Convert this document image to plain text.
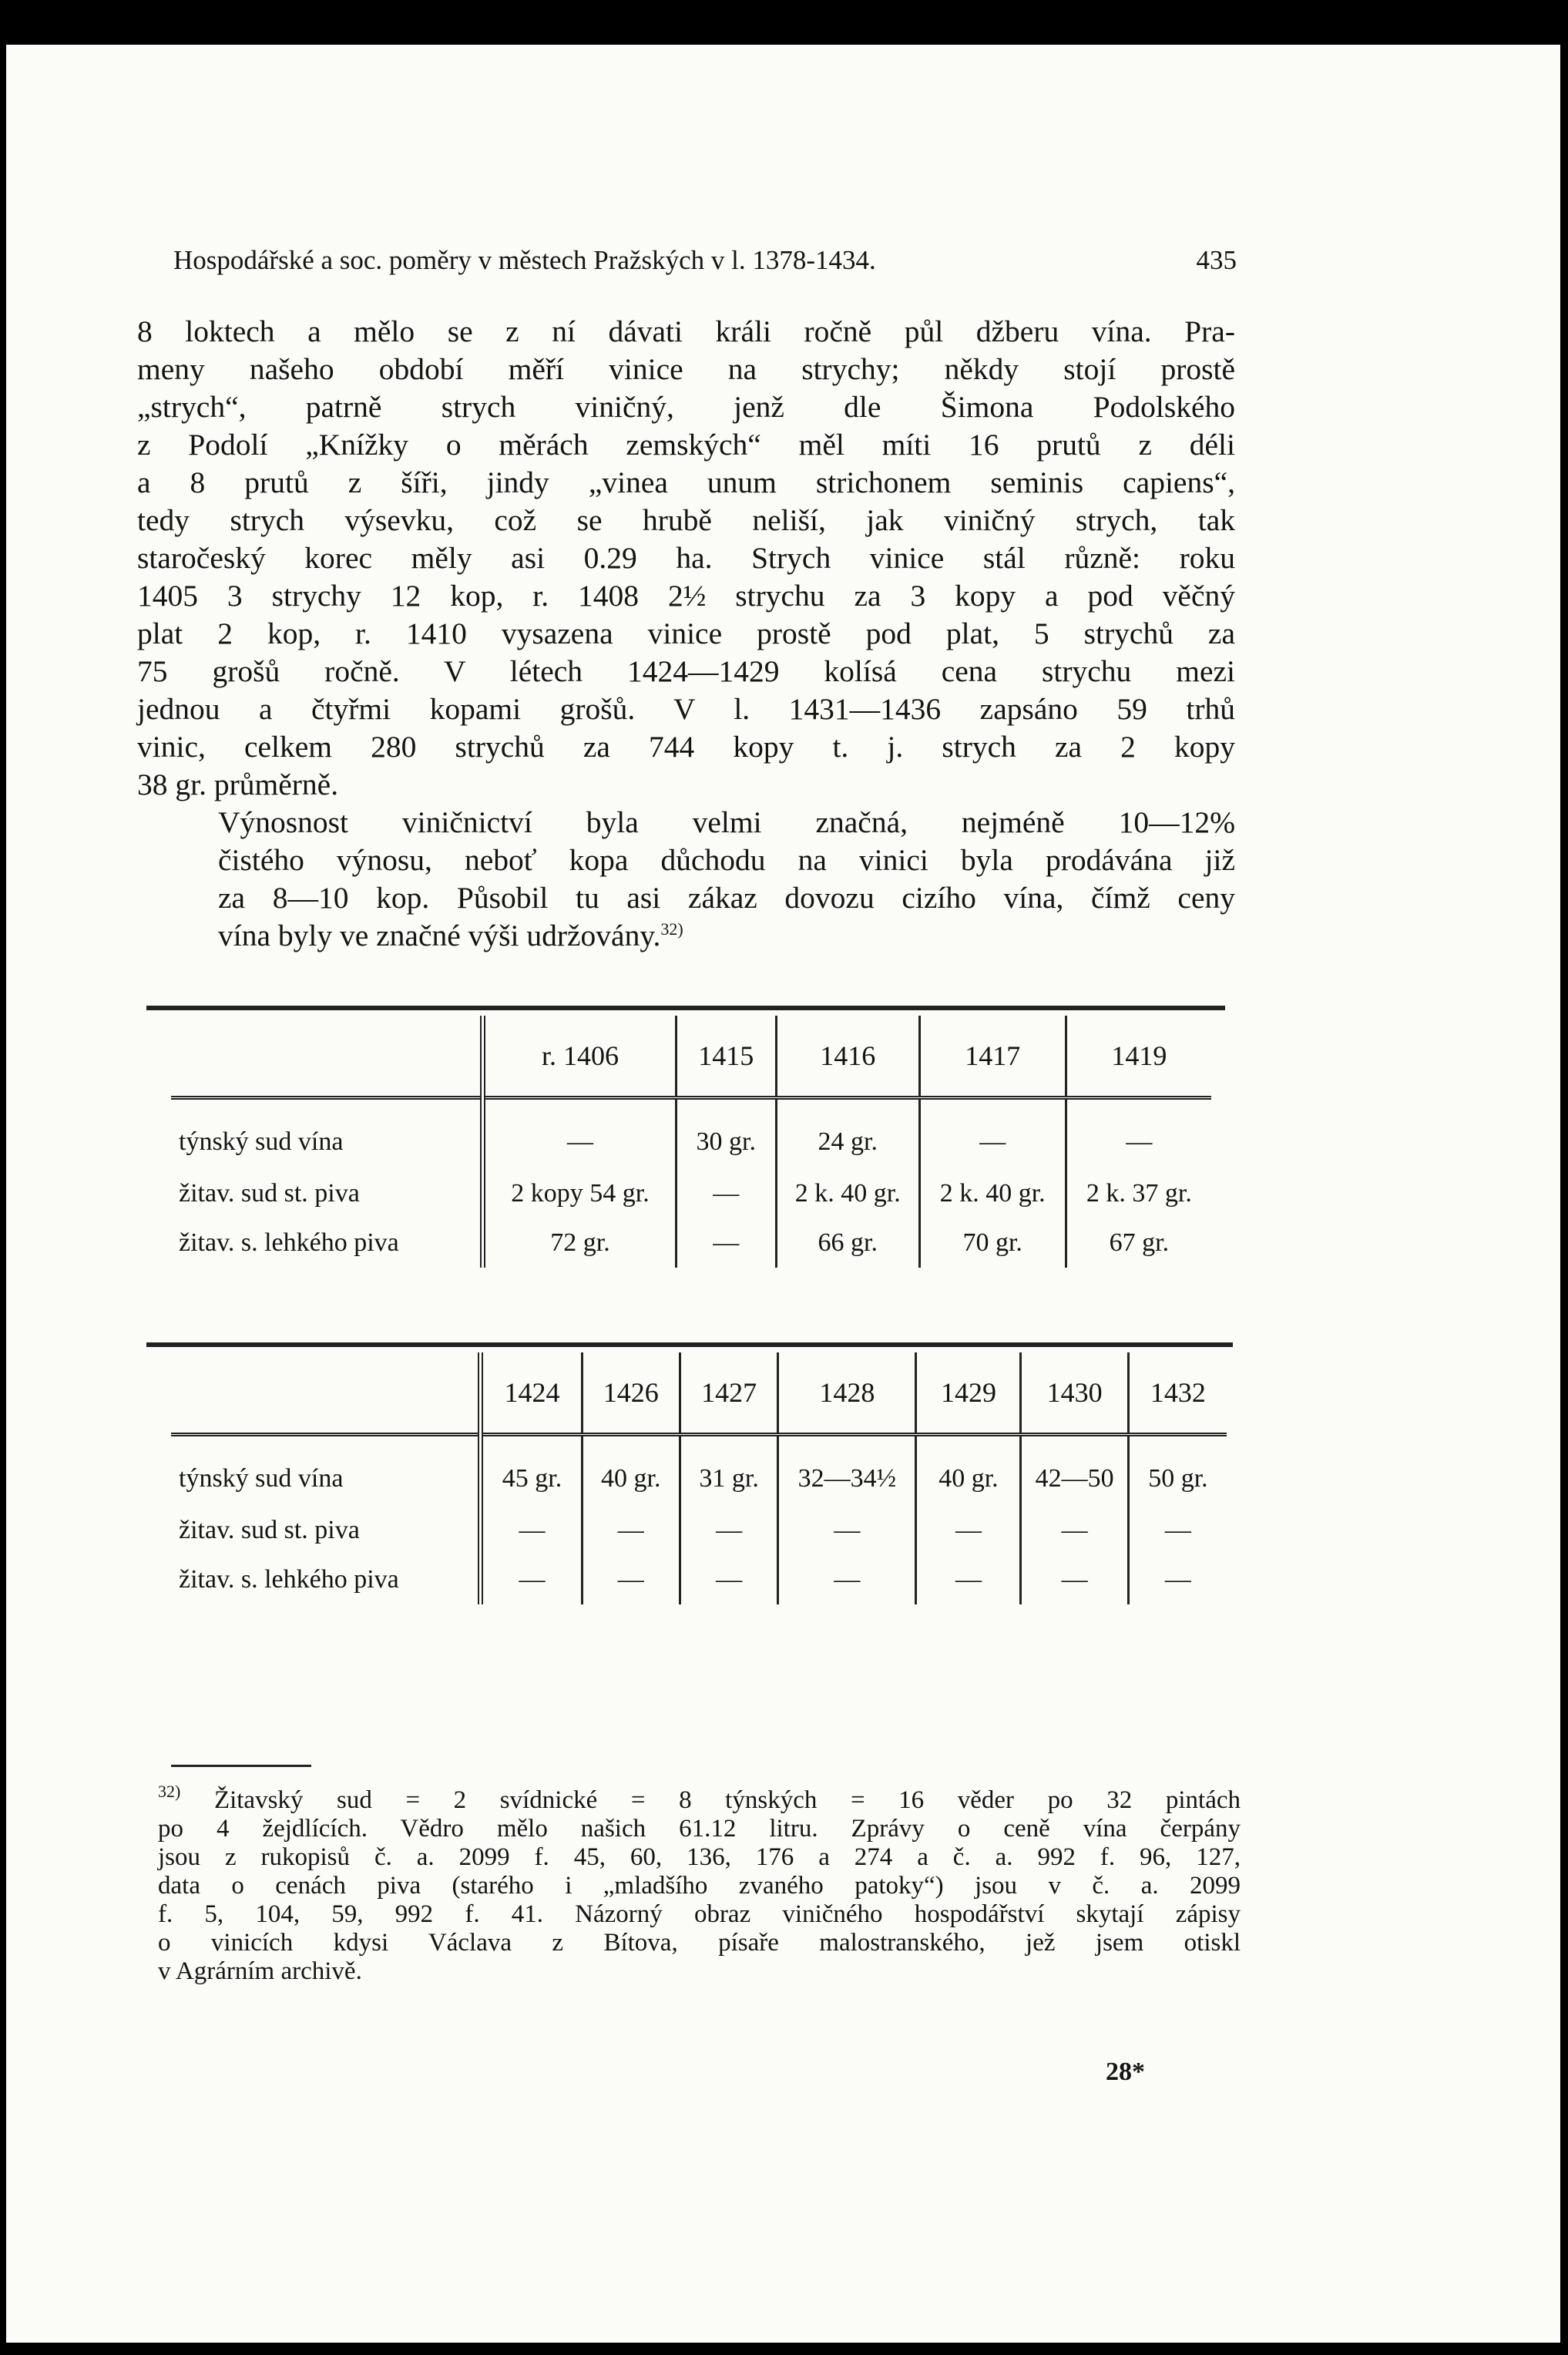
Hospodářské a soc. poměry v městech Pražských v l. 1378-1434.	435

8 loktech a mělo se z ní dávati králi ročně půl džberu vína. Pra-
meny našeho období měří vinice na strychy; někdy stojí prostě
„strych“, patrně strych viničný, jenž dle Šimona Podolského
z Podolí „Knížky o měrách zemských“ měl míti 16 prutů z déli
a 8 prutů z šíři, jindy „vinea unum strichonem seminis capiens“,
tedy strych výsevku, což se hrubě neliší, jak viničný strych, tak
staročeský korec měly asi 0.29 ha. Strych vinice stál různě: roku
1405 3 strychy 12 kop, r. 1408 2½ strychu za 3 kopy a pod věčný
plat 2 kop, r. 1410 vysazena vinice prostě pod plat, 5 strychů za
75 grošů ročně. V létech 1424—1429 kolísá cena strychu mezi
jednou a čtyřmi kopami grošů. V l. 1431—1436 zapsáno 59 trhů
vinic, celkem 280 strychů za 744 kopy t. j. strych za 2 kopy
38 gr. průměrně.

Výnosnost viničnictví byla velmi značná, nejméně 10—12%
čistého výnosu, neboť kopa důchodu na vinici byla prodávána již
za 8—10 kop. Působil tu asi zákaz dovozu cizího vína, čímž ceny
vína byly ve značné výši udržovány.$^{32)}$

	r. 1406	1415	1416	1417	1419
týnský sud vína	—	30 gr.	24 gr.	—	—
žitav. sud st. piva	2 kopy 54 gr.	—	2 k. 40 gr.	2 k. 40 gr.	2 k. 37 gr.
žitav. s. lehkého piva	72 gr.	—	66 gr.	70 gr.	67 gr.
	1424	1426	1427	1428	1429	1430	1432
týnský sud vína	45 gr.	40 gr.	31 gr.	32—34½	40 gr.	42—50	50 gr.
žitav. sud st. piva	—	—	—	—	—	—	—
žitav. s. lehkého piva	—	—	—	—	—	—	—
$^{32)}$ Žitavský sud = 2 svídnické = 8 týnských = 16 věder po 32 pintách
po 4 žejdlících. Vědro mělo našich 61.12 litru. Zprávy o ceně vína čerpány
jsou z rukopisů č. a. 2099 f. 45, 60, 136, 176 a 274 a č. a. 992 f. 96, 127,
data o cenách piva (starého i „mladšího zvaného patoky“) jsou v č. a. 2099
f. 5, 104, 59, 992 f. 41. Názorný obraz viničného hospodářství skytají zápisy
o vinicích kdysi Václava z Bítova, písaře malostranského, jež jsem otiskl
v Agrárním archivě.
28*
